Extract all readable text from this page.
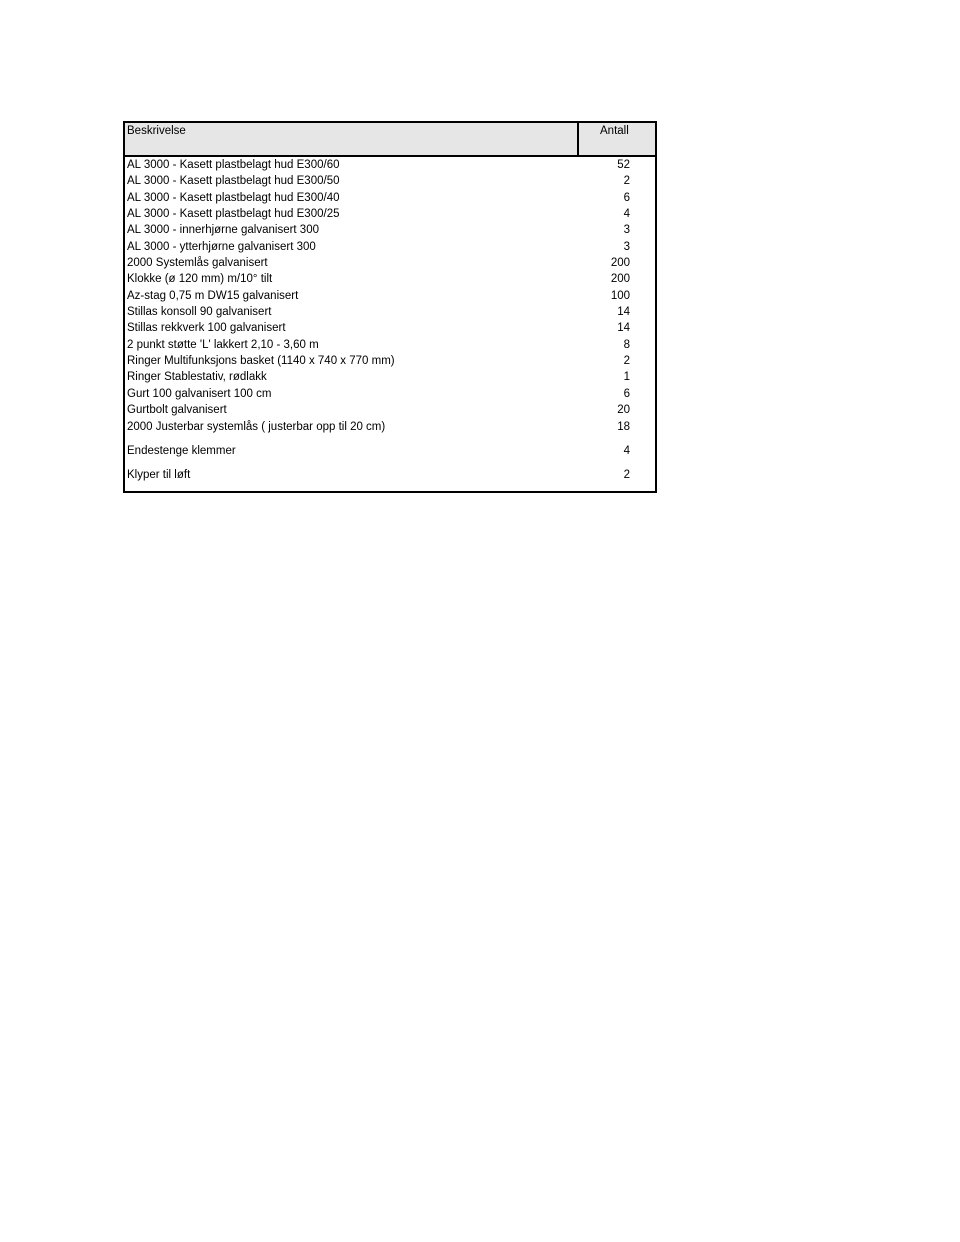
Beskrivelse	Antall
AL 3000 - Kasett plastbelagt hud E300/60	52
AL 3000 - Kasett plastbelagt hud E300/50	2
AL 3000 - Kasett plastbelagt hud E300/40	6
AL 3000 - Kasett plastbelagt hud E300/25	4
AL 3000 - innerhjørne galvanisert 300	3
AL 3000 - ytterhjørne galvanisert 300	3
2000 Systemlås galvanisert	200
Klokke (ø 120 mm) m/10° tilt	200
Az-stag 0,75 m DW15 galvanisert	100
Stillas konsoll 90 galvanisert	14
Stillas rekkverk 100 galvanisert	14
2 punkt støtte 'L' lakkert 2,10 - 3,60 m	8
Ringer Multifunksjons basket (1140 x 740 x 770 mm)	2
Ringer Stablestativ, rødlakk	1
Gurt 100 galvanisert 100 cm	6
Gurtbolt galvanisert	20
2000 Justerbar systemlås ( justerbar opp til 20 cm)	18
Endestenge klemmer	4
Klyper til løft	2
